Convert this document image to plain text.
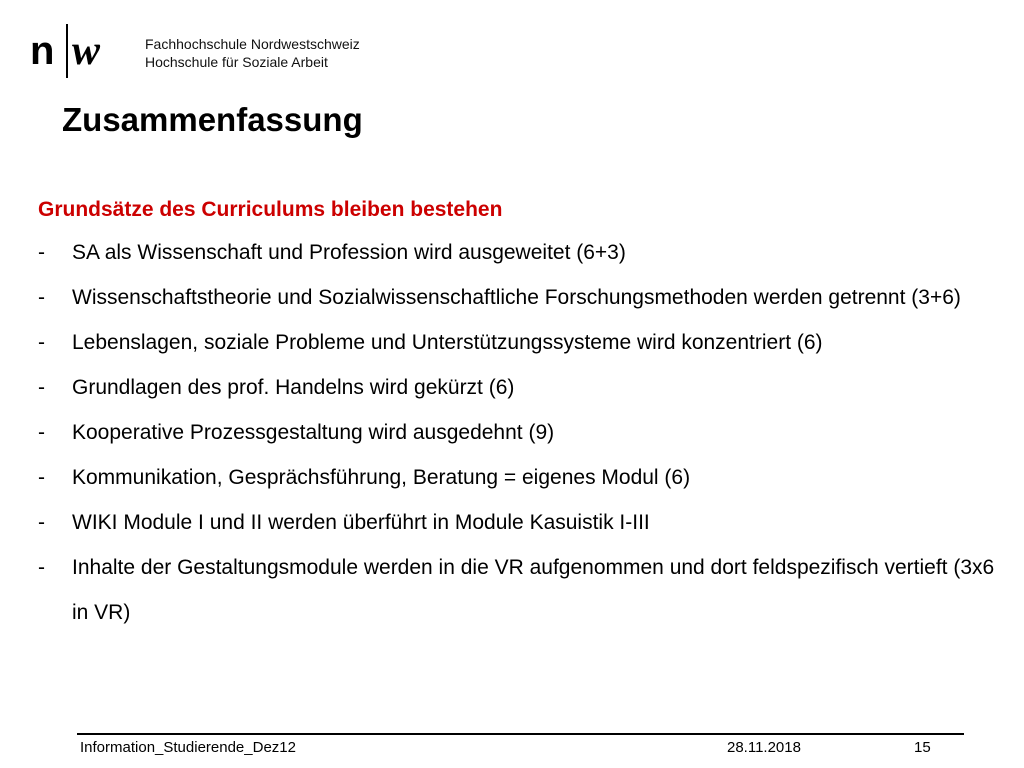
n w	Fachhochschule Nordwestschweiz
Hochschule für Soziale Arbeit
Zusammenfassung
Grundsätze des Curriculums bleiben bestehen
- SA als Wissenschaft und Profession wird ausgeweitet (6+3)
- Wissenschaftstheorie und Sozialwissenschaftliche Forschungsmethoden werden getrennt (3+6)
- Lebenslagen, soziale Probleme und Unterstützungssysteme wird konzentriert (6)
- Grundlagen des prof. Handelns wird gekürzt (6)
- Kooperative Prozessgestaltung wird ausgedehnt (9)
- Kommunikation, Gesprächsführung, Beratung = eigenes Modul (6)
- WIKI Module I und II werden überführt in Module Kasuistik I-III
- Inhalte der Gestaltungsmodule werden in die VR aufgenommen und dort feldspezifisch vertieft (3x6 in VR)
Information_Studierende_Dez12	28.11.2018	15
